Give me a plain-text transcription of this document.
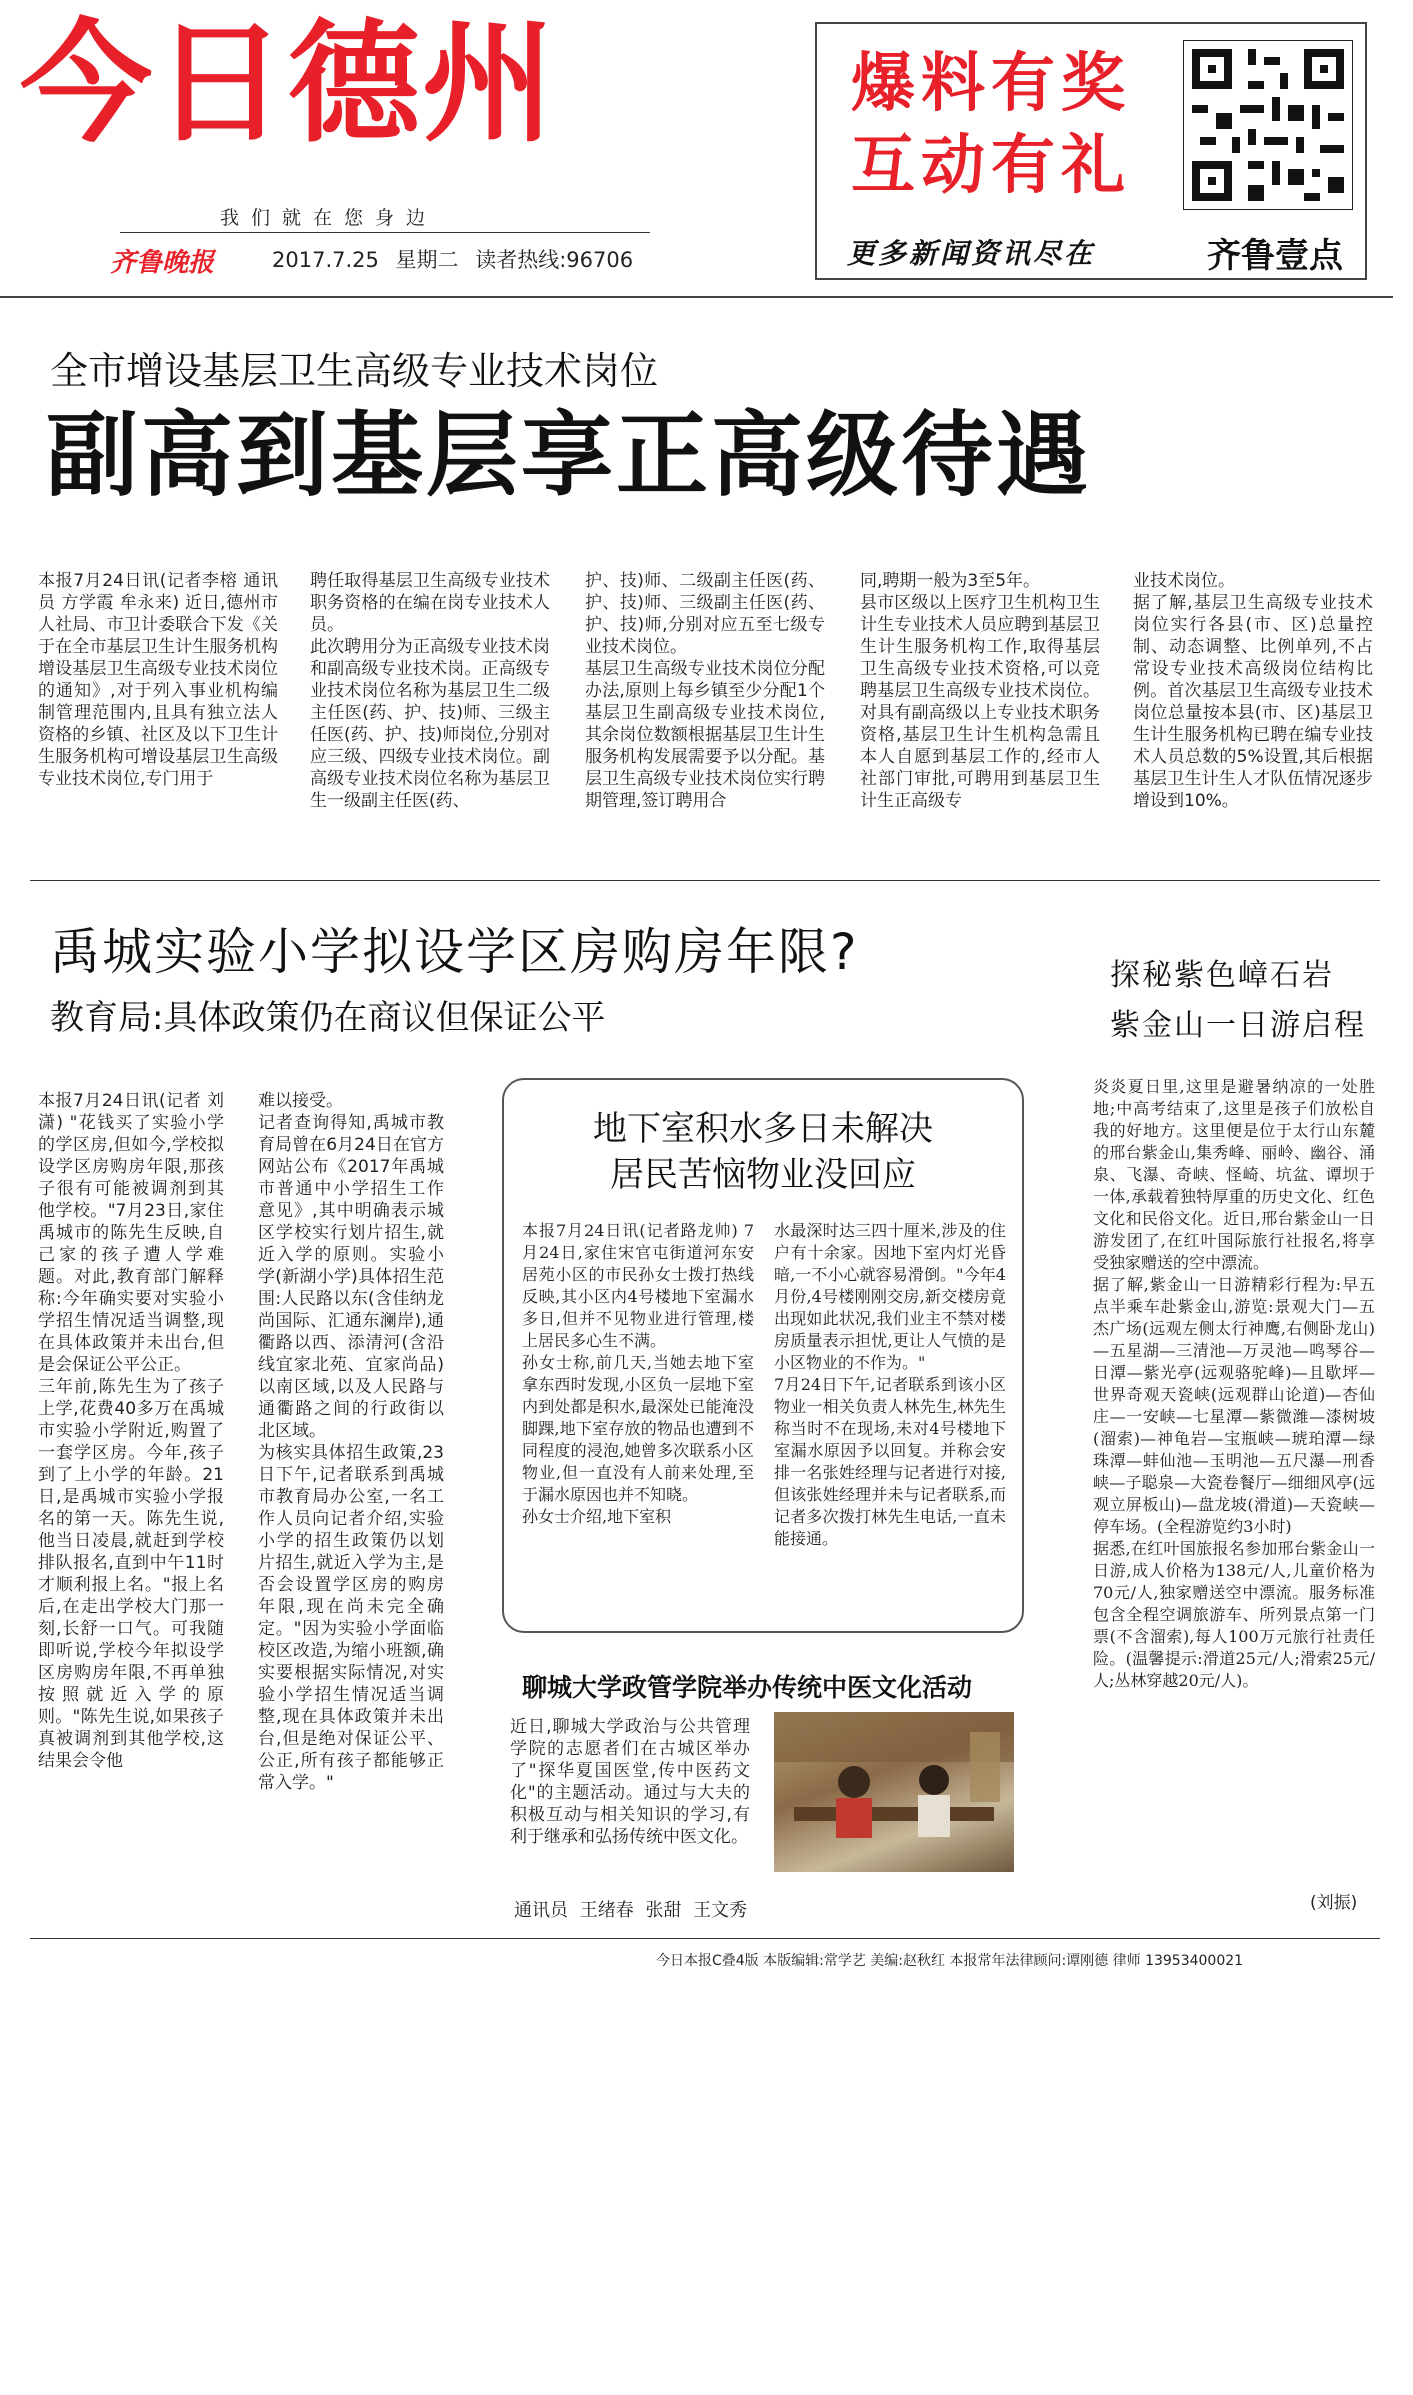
今日德州
我们就在您身边
齐鲁晚报	2017.7.25 星期二 读者热线:96706
爆料有奖
互动有礼
更多新闻资讯尽在	齐鲁壹点
全市增设基层卫生高级专业技术岗位
副高到基层享正高级待遇
本报7月24日讯(记者李榕 通讯员 方学霞 牟永来) 近日,德州市人社局、市卫计委联合下发《关于在全市基层卫生计生服务机构增设基层卫生高级专业技术岗位的通知》,对于列入事业机构编制管理范围内,且具有独立法人资格的乡镇、社区及以下卫生计生服务机构可增设基层卫生高级专业技术岗位,专门用于
聘任取得基层卫生高级专业技术职务资格的在编在岗专业技术人员。
此次聘用分为正高级专业技术岗和副高级专业技术岗。正高级专业技术岗位名称为基层卫生二级主任医(药、护、技)师、三级主任医(药、护、技)师岗位,分别对应三级、四级专业技术岗位。副高级专业技术岗位名称为基层卫生一级副主任医(药、
护、技)师、二级副主任医(药、护、技)师、三级副主任医(药、护、技)师,分别对应五至七级专业技术岗位。
基层卫生高级专业技术岗位分配办法,原则上每乡镇至少分配1个基层卫生副高级专业技术岗位,其余岗位数额根据基层卫生计生服务机构发展需要予以分配。基层卫生高级专业技术岗位实行聘期管理,签订聘用合
同,聘期一般为3至5年。
县市区级以上医疗卫生机构卫生计生专业技术人员应聘到基层卫生计生服务机构工作,取得基层卫生高级专业技术资格,可以竞聘基层卫生高级专业技术岗位。对具有副高级以上专业技术职务资格,基层卫生计生机构急需且本人自愿到基层工作的,经市人社部门审批,可聘用到基层卫生计生正高级专
业技术岗位。
据了解,基层卫生高级专业技术岗位实行各县(市、区)总量控制、动态调整、比例单列,不占常设专业技术高级岗位结构比例。首次基层卫生高级专业技术岗位总量按本县(市、区)基层卫生计生服务机构已聘在编专业技术人员总数的5%设置,其后根据基层卫生计生人才队伍情况逐步增设到10%。
禹城实验小学拟设学区房购房年限?
教育局:具体政策仍在商议但保证公平
本报7月24日讯(记者 刘潇) "花钱买了实验小学的学区房,但如今,学校拟设学区房购房年限,那孩子很有可能被调剂到其他学校。"7月23日,家住禹城市的陈先生反映,自己家的孩子遭人学难题。对此,教育部门解释称:今年确实要对实验小学招生情况适当调整,现在具体政策并未出台,但是会保证公平公正。
三年前,陈先生为了孩子上学,花费40多万在禹城市实验小学附近,购置了一套学区房。今年,孩子到了上小学的年龄。21日,是禹城市实验小学报名的第一天。陈先生说,他当日凌晨,就赶到学校排队报名,直到中午11时才顺利报上名。"报上名后,在走出学校大门那一刻,长舒一口气。可我随即听说,学校今年拟设学区房购房年限,不再单独按照就近入学的原则。"陈先生说,如果孩子真被调剂到其他学校,这结果会令他
难以接受。
记者查询得知,禹城市教育局曾在6月24日在官方网站公布《2017年禹城市普通中小学招生工作意见》,其中明确表示城区学校实行划片招生,就近入学的原则。实验小学(新湖小学)具体招生范围:人民路以东(含佳纳龙尚国际、汇通东澜岸),通衢路以西、添清河(含沿线宜家北苑、宜家尚品)以南区域,以及人民路与通衢路之间的行政街以北区域。
为核实具体招生政策,23日下午,记者联系到禹城市教育局办公室,一名工作人员向记者介绍,实验小学的招生政策仍以划片招生,就近入学为主,是否会设置学区房的购房年限,现在尚未完全确定。"因为实验小学面临校区改造,为缩小班额,确实要根据实际情况,对实验小学招生情况适当调整,现在具体政策并未出台,但是绝对保证公平、公正,所有孩子都能够正常入学。"
地下室积水多日未解决
居民苦恼物业没回应
本报7月24日讯(记者路龙帅) 7月24日,家住宋官屯街道河东安居苑小区的市民孙女士拨打热线反映,其小区内4号楼地下室漏水多日,但并不见物业进行管理,楼上居民多心生不满。
孙女士称,前几天,当她去地下室拿东西时发现,小区负一层地下室内到处都是积水,最深处已能淹没脚踝,地下室存放的物品也遭到不同程度的浸泡,她曾多次联系小区物业,但一直没有人前来处理,至于漏水原因也并不知晓。
孙女士介绍,地下室积
水最深时达三四十厘米,涉及的住户有十余家。因地下室内灯光昏暗,一不小心就容易滑倒。"今年4月份,4号楼刚刚交房,新交楼房竟出现如此状况,我们业主不禁对楼房质量表示担忧,更让人气愤的是小区物业的不作为。"
7月24日下午,记者联系到该小区物业一相关负责人林先生,林先生称当时不在现场,未对4号楼地下室漏水原因予以回复。并称会安排一名张姓经理与记者进行对接,但该张姓经理并未与记者联系,而记者多次拨打林先生电话,一直未能接通。
聊城大学政管学院举办传统中医文化活动
近日,聊城大学政治与公共管理学院的志愿者们在古城区举办了"探华夏国医堂,传中医药文化"的主题活动。通过与大夫的积极互动与相关知识的学习,有利于继承和弘扬传统中医文化。
通讯员 王绪春 张甜 王文秀
探秘紫色嶂石岩
紫金山一日游启程
炎炎夏日里,这里是避暑纳凉的一处胜地;中高考结束了,这里是孩子们放松自我的好地方。这里便是位于太行山东麓的邢台紫金山,集秀峰、丽岭、幽谷、涌泉、飞瀑、奇峡、怪崎、坑盆、谭坝于一体,承载着独特厚重的历史文化、红色文化和民俗文化。近日,邢台紫金山一日游发团了,在红叶国际旅行社报名,将享受独家赠送的空中漂流。
据了解,紫金山一日游精彩行程为:早五点半乘车赴紫金山,游览:景观大门—五杰广场(远观左侧太行神鹰,右侧卧龙山)—五星湖—三清池—万灵池—鸣琴谷—日潭—紫光亭(远观骆驼峰)—且歇坪—世界奇观天瓷峡(远观群山论道)—杏仙庄—一安峡—七星潭—紫微潍—漆树坡(溜索)—神龟岩—宝瓶峡—琥珀潭—绿珠潭—蚌仙池—玉明池—五尺瀑—刑香峡—子聪泉—大瓷卷餐厅—细细风亭(远观立屏板山)—盘龙坡(滑道)—天瓷峡—停车场。(全程游览约3小时)
据悉,在红叶国旅报名参加邢台紫金山一日游,成人价格为138元/人,儿童价格为70元/人,独家赠送空中漂流。服务标准包含全程空调旅游车、所列景点第一门票(不含溜索),每人100万元旅行社责任险。(温馨提示:滑道25元/人;滑索25元/人;丛林穿越20元/人)。
(刘振)
今日本报C叠4版 本版编辑:常学艺 美编:赵秋红 本报常年法律顾问:谭刚德 律师 13953400021
